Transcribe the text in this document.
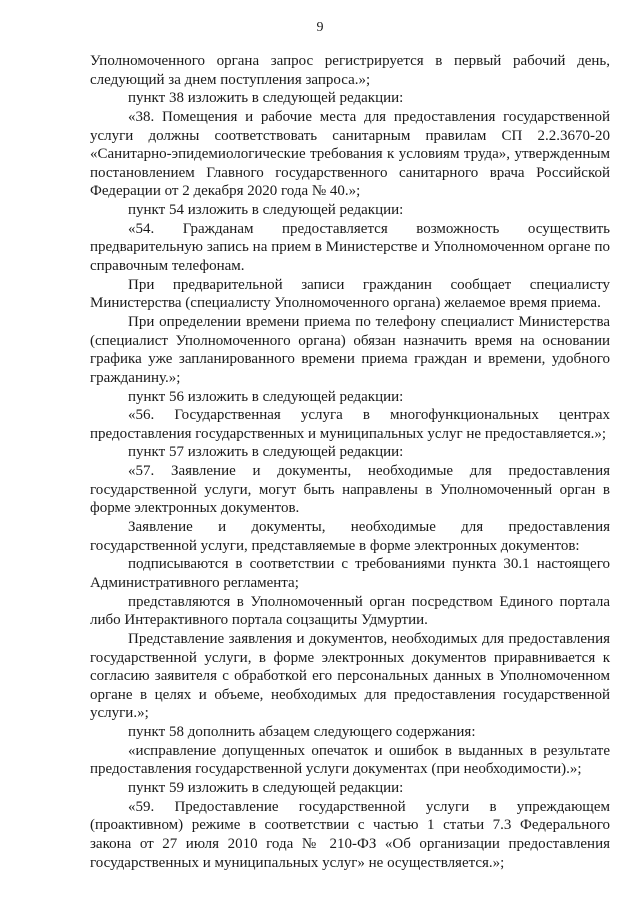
9

Уполномоченного органа запрос регистрируется в первый рабочий день, следующий за днем поступления запроса.»;

пункт 38 изложить в следующей редакции:

«38. Помещения и рабочие места для предоставления государственной услуги должны соответствовать санитарным правилам СП 2.2.3670-20 «Санитарно-эпидемиологические требования к условиям труда», утвержденным постановлением Главного государственного санитарного врача Российской Федерации от 2 декабря 2020 года № 40.»;

пункт 54 изложить в следующей редакции:

«54. Гражданам предоставляется возможность осуществить предварительную запись на прием в Министерстве и Уполномоченном органе по справочным телефонам.

При предварительной записи гражданин сообщает специалисту Министерства (специалисту Уполномоченного органа) желаемое время приема.

При определении времени приема по телефону специалист Министерства (специалист Уполномоченного органа) обязан назначить время на основании графика уже запланированного времени приема граждан и времени, удобного гражданину.»;

пункт 56 изложить в следующей редакции:

«56. Государственная услуга в многофункциональных центрах предоставления государственных и муниципальных услуг не предоставляется.»;

пункт 57 изложить в следующей редакции:

«57. Заявление и документы, необходимые для предоставления государственной услуги, могут быть направлены в Уполномоченный орган в форме электронных документов.

Заявление и документы, необходимые для предоставления государственной услуги, представляемые в форме электронных документов:

подписываются в соответствии с требованиями пункта 30.1 настоящего Административного регламента;

представляются в Уполномоченный орган посредством Единого портала либо Интерактивного портала соцзащиты Удмуртии.

Представление заявления и документов, необходимых для предоставления государственной услуги, в форме электронных документов приравнивается к согласию заявителя с обработкой его персональных данных в Уполномоченном органе в целях и объеме, необходимых для предоставления государственной услуги.»;

пункт 58 дополнить абзацем следующего содержания:

«исправление допущенных опечаток и ошибок в выданных в результате предоставления государственной услуги документах (при необходимости).»;

пункт 59 изложить в следующей редакции:

«59. Предоставление государственной услуги в упреждающем (проактивном) режиме в соответствии с частью 1 статьи 7.3 Федерального закона от 27 июля 2010 года № 210-ФЗ «Об организации предоставления государственных и муниципальных услуг» не осуществляется.»;
